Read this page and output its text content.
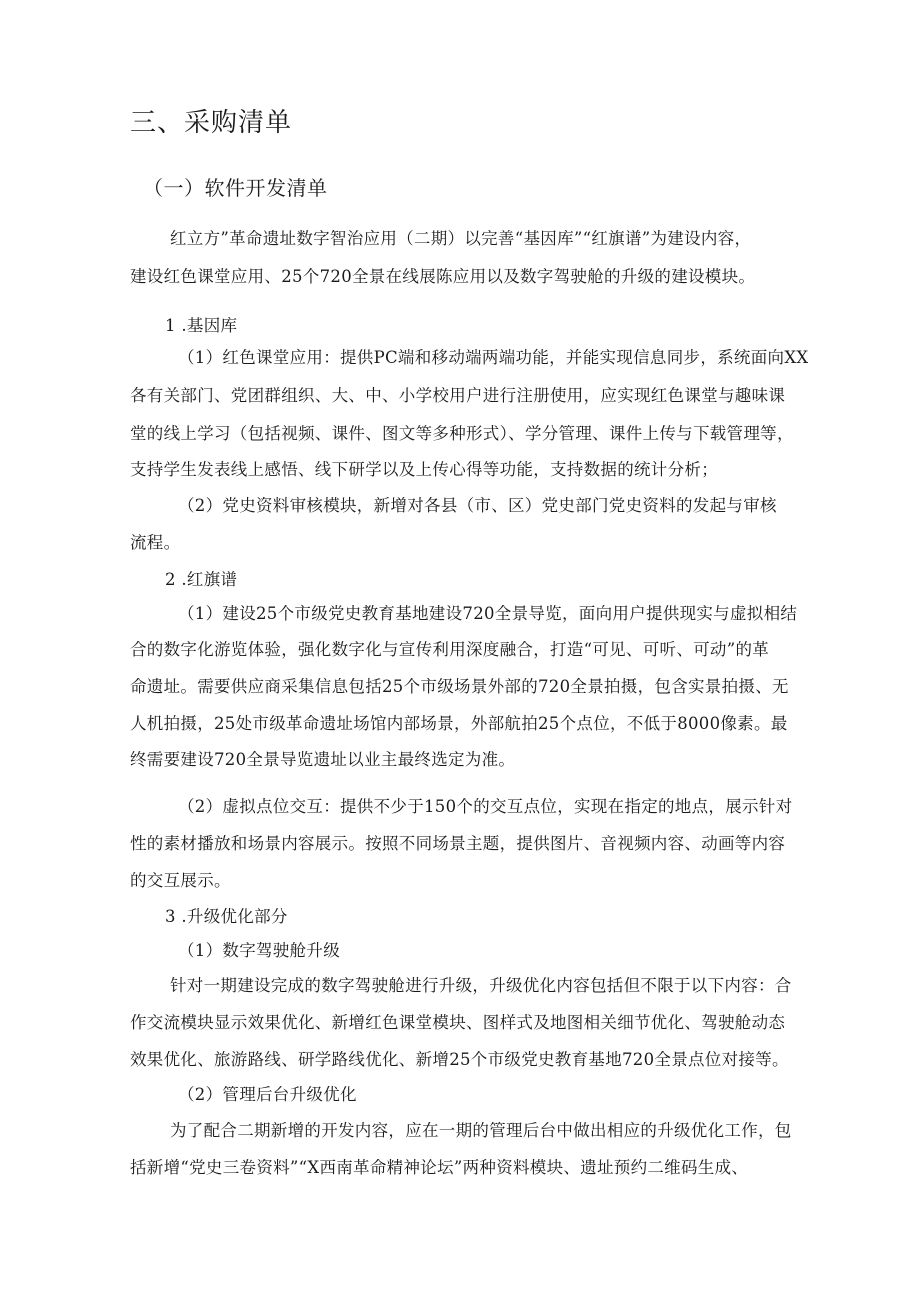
三、采购清单
（一）软件开发清单
红立方”革命遗址数字智治应用（二期）以完善“基因库”“红旗谱”为建设内容，
建设红色课堂应用、25个720全景在线展陈应用以及数字驾驶舱的升级的建设模块。
1 .基因库
（1）红色课堂应用：提供PC端和移动端两端功能，并能实现信息同步，系统面向XX
各有关部门、党团群组织、大、中、小学校用户进行注册使用，应实现红色课堂与趣味课
堂的线上学习（包括视频、课件、图文等多种形式）、学分管理、课件上传与下载管理等，
支持学生发表线上感悟、线下研学以及上传心得等功能，支持数据的统计分析；
（2）党史资料审核模块，新增对各县（市、区）党史部门党史资料的发起与审核
流程。
2 .红旗谱
（1）建设25个市级党史教育基地建设720全景导览，面向用户提供现实与虚拟相结
合的数字化游览体验，强化数字化与宣传利用深度融合，打造“可见、可听、可动”的革
命遗址。需要供应商采集信息包括25个市级场景外部的720全景拍摄，包含实景拍摄、无
人机拍摄，25处市级革命遗址场馆内部场景，外部航拍25个点位，不低于8000像素。最
终需要建设720全景导览遗址以业主最终选定为准。
（2）虚拟点位交互：提供不少于150个的交互点位，实现在指定的地点，展示针对
性的素材播放和场景内容展示。按照不同场景主题，提供图片、音视频内容、动画等内容
的交互展示。
3 .升级优化部分
（1）数字驾驶舱升级
针对一期建设完成的数字驾驶舱进行升级，升级优化内容包括但不限于以下内容：合
作交流模块显示效果优化、新增红色课堂模块、图样式及地图相关细节优化、驾驶舱动态
效果优化、旅游路线、研学路线优化、新增25个市级党史教育基地720全景点位对接等。
（2）管理后台升级优化
为了配合二期新增的开发内容，应在一期的管理后台中做出相应的升级优化工作，包
括新增“党史三卷资料”“X西南革命精神论坛”两种资料模块、遗址预约二维码生成、
